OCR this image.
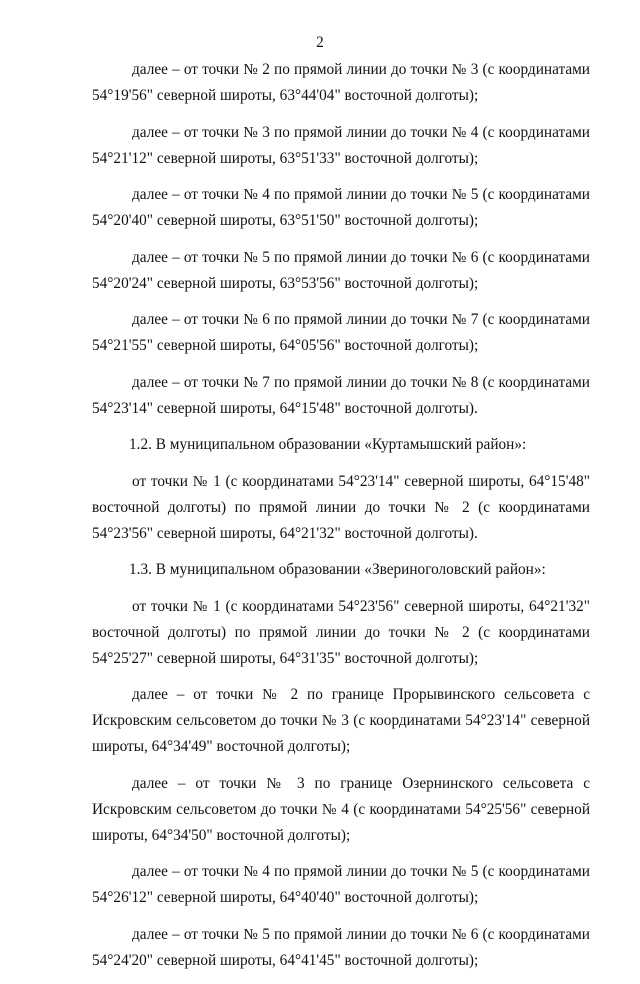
2

далее – от точки № 2 по прямой линии до точки № 3 (с координатами 54°19'56" северной широты, 63°44'04" восточной долготы);

далее – от точки № 3 по прямой линии до точки № 4 (с координатами 54°21'12" северной широты, 63°51'33" восточной долготы);

далее – от точки № 4 по прямой линии до точки № 5 (с координатами 54°20'40" северной широты, 63°51'50" восточной долготы);

далее – от точки № 5 по прямой линии до точки № 6 (с координатами 54°20'24" северной широты, 63°53'56" восточной долготы);

далее – от точки № 6 по прямой линии до точки № 7 (с координатами 54°21'55" северной широты, 64°05'56" восточной долготы);

далее – от точки № 7 по прямой линии до точки № 8 (с координатами 54°23'14" северной широты, 64°15'48" восточной долготы).

1.2. В муниципальном образовании «Куртамышский район»:

от точки № 1 (с координатами 54°23'14" северной широты, 64°15'48" восточной долготы) по прямой линии до точки № 2 (с координатами 54°23'56" северной широты, 64°21'32" восточной долготы).

1.3. В муниципальном образовании «Звериноголовский район»:

от точки № 1 (с координатами 54°23'56" северной широты, 64°21'32" восточной долготы) по прямой линии до точки № 2 (с координатами 54°25'27" северной широты, 64°31'35" восточной долготы);

далее – от точки № 2 по границе Прорывинского сельсовета с Искровским сельсоветом до точки № 3 (с координатами 54°23'14" северной широты, 64°34'49" восточной долготы);

далее – от точки № 3 по границе Озернинского сельсовета с Искровским сельсоветом до точки № 4 (с координатами 54°25'56" северной широты, 64°34'50" восточной долготы);

далее – от точки № 4 по прямой линии до точки № 5 (с координатами 54°26'12" северной широты, 64°40'40" восточной долготы);

далее – от точки № 5 по прямой линии до точки № 6 (с координатами 54°24'20" северной широты, 64°41'45" восточной долготы);
